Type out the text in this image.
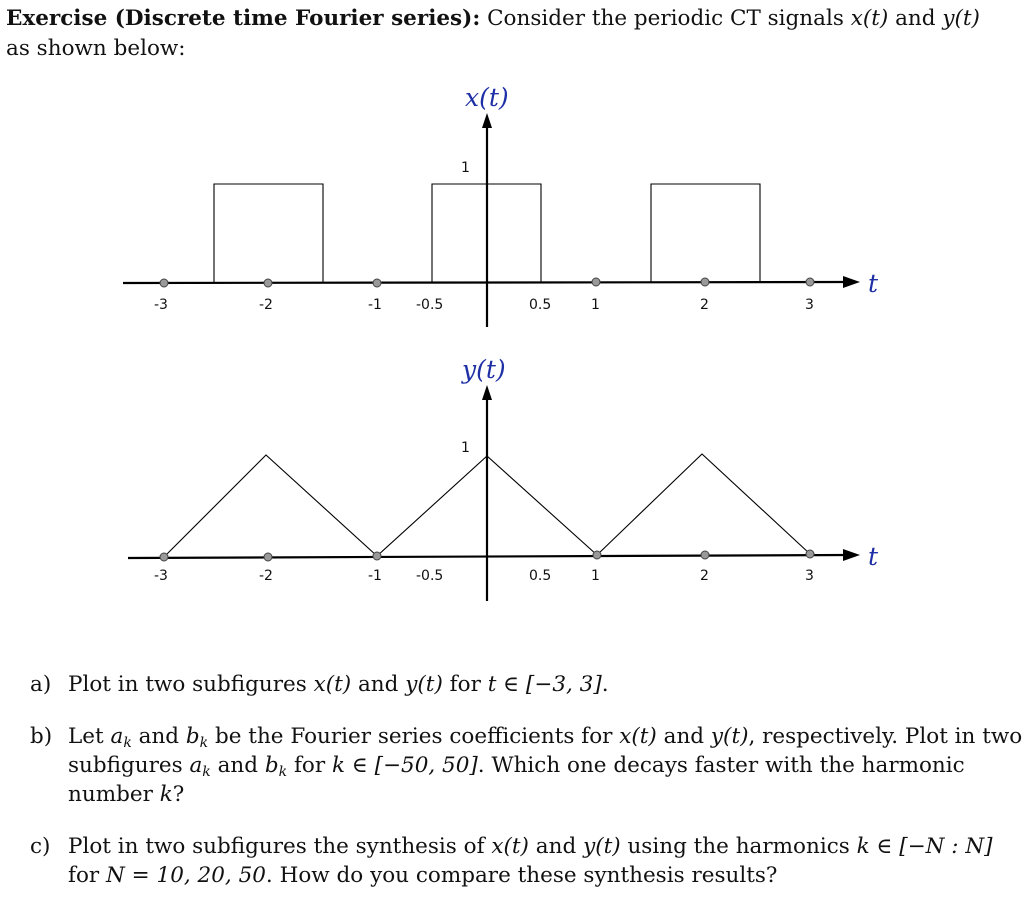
Exercise (Discrete time Fourier series): Consider the periodic CT signals x(t) and y(t)
as shown below:
x(t)
t
1
-3	-2	-1 -0.5	0.5	1	2	3
y(t)
t
1
-3	-2	-1 -0.5	0.5	1	2	3
a) Plot in two subfigures x(t) and y(t) for t ∈ [−3, 3].
b) Let $a_k$ and $b_k$ be the Fourier series coefficients for x(t) and y(t), respectively. Plot in two subfigures $a_k$ and $b_k$ for k ∈ [−50, 50]. Which one decays faster with the harmonic number k?
c) Plot in two subfigures the synthesis of x(t) and y(t) using the harmonics k ∈ [−N : N] for N = 10, 20, 50. How do you compare these synthesis results?
